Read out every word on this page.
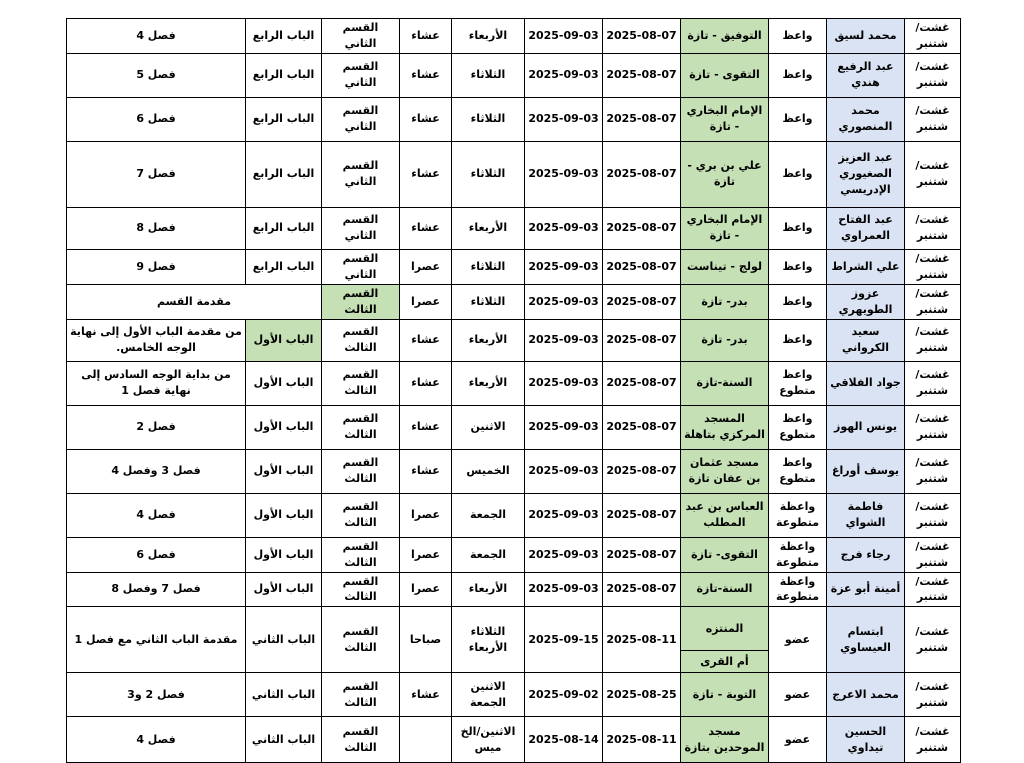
غشت/شتنبر	محمد لسيق	واعظ	التوفيق - تازة	2025-08-07	2025-09-03	الأربعاء	عشاء	القسم الثاني	الباب الرابع	فصل 4
غشت/شتنبر	عبد الرفيع هندي	واعظ	التقوى - تازة	2025-08-07	2025-09-03	الثلاثاء	عشاء	القسم الثاني	الباب الرابع	فصل 5
غشت/شتنبر	محمد المنصوري	واعظ	الإمام البخاري - تازة	2025-08-07	2025-09-03	الثلاثاء	عشاء	القسم الثاني	الباب الرابع	فصل 6
غشت/شتنبر	عبد العزيز الصغيوري الإدريسي	واعظ	علي بن بري - تازة	2025-08-07	2025-09-03	الثلاثاء	عشاء	القسم الثاني	الباب الرابع	فصل 7
غشت/شتنبر	عبد الفتاح العمراوي	واعظ	الإمام البخاري - تازة	2025-08-07	2025-09-03	الأربعاء	عشاء	القسم الثاني	الباب الرابع	فصل 8
غشت/شتنبر	علي الشراط	واعظ	لولج - تيناست	2025-08-07	2025-09-03	الثلاثاء	عصرا	القسم الثاني	الباب الرابع	فصل 9
غشت/شتنبر	عزوز الطويهري	واعظ	بدر- تازة	2025-08-07	2025-09-03	الثلاثاء	عصرا	القسم الثالث	مقدمة القسم	
غشت/شتنبر	سعيد الكرواني	واعظ	بدر- تازة	2025-08-07	2025-09-03	الأربعاء	عشاء	القسم الثالث	الباب الأول	من مقدمة الباب الأول إلى نهاية الوجه الخامس.
غشت/شتنبر	جواد الفلاقي	واعظ متطوع	السنة-تازة	2025-08-07	2025-09-03	الأربعاء	عشاء	القسم الثالث	الباب الأول	من بداية الوجه السادس إلى نهاية فصل 1
غشت/شتنبر	يونس الهوز	واعظ متطوع	المسجد المركزي بتاهلة	2025-08-07	2025-09-03	الاثنين	عشاء	القسم الثالث	الباب الأول	فصل 2
غشت/شتنبر	يوسف أوراغ	واعظ متطوع	مسجد عثمان بن عفان تازة	2025-08-07	2025-09-03	الخميس	عشاء	القسم الثالث	الباب الأول	فصل 3 وفصل 4
غشت/شتنبر	فاطمة الشواي	واعظة متطوعة	العباس بن عبد المطلب	2025-08-07	2025-09-03	الجمعة	عصرا	القسم الثالث	الباب الأول	فصل 4
غشت/شتنبر	رجاء فرج	واعظة متطوعة	التقوى- تازة	2025-08-07	2025-09-03	الجمعة	عصرا	القسم الثالث	الباب الأول	فصل 6
غشت/شتنبر	أمينة أبو عزة	واعظة متطوعة	السنة-تازة	2025-08-07	2025-09-03	الأربعاء	عصرا	القسم الثالث	الباب الأول	فصل 7 وفصل 8
غشت/شتنبر	ابتسام العيساوي	عضو	المنتزه	2025-08-11	2025-09-15	الثلاثاء الأربعاء	صباحا	القسم الثالث	الباب الثاني	مقدمة الباب الثاني مع فصل 1
			أم القرى							
غشت/شتنبر	محمد الاعرج	عضو	التوبة - تازة	2025-08-25	2025-09-02	الاثنين الجمعة	عشاء	القسم الثالث	الباب الثاني	فصل 2 و3
غشت/شتنبر	الحسين تيداوي	عضو	مسجد الموحدين بتازة	2025-08-11	2025-08-14	الاثنين/الخ ميس		القسم الثالث	الباب الثاني	فصل 4
